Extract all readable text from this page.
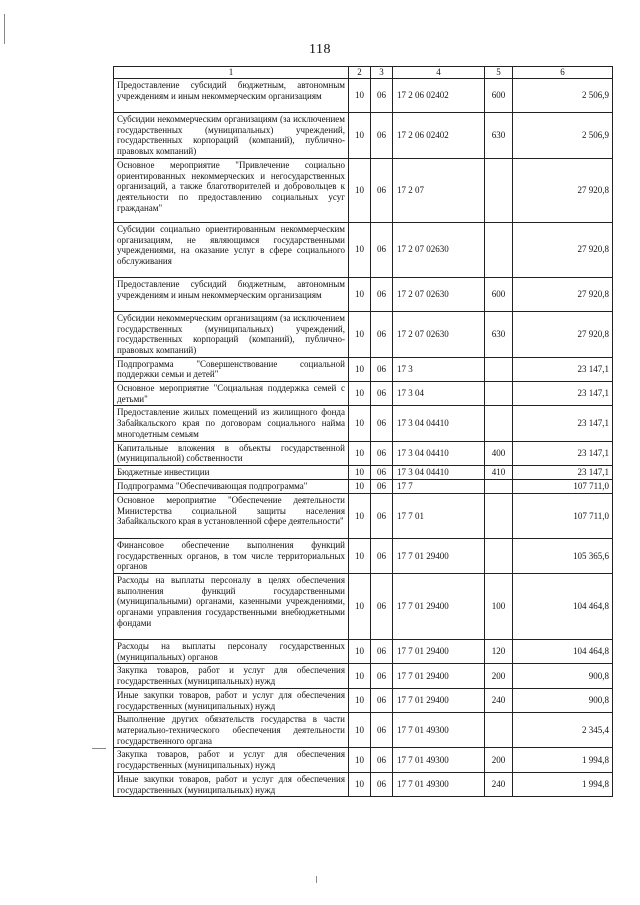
118
1	2	3	4	5	6
Предоставление субсидий бюджетным, автономным учреждениям и иным некоммерческим организациям	10	06	17 2 06 02402	600	2 506,9
Субсидии некоммерческим организациям (за исключением государственных (муниципальных) учреждений, государственных корпораций (компаний), публично-правовых компаний)	10	06	17 2 06 02402	630	2 506,9
Основное мероприятие "Привлечение социально ориентированных некоммерческих и негосударственных организаций, а также благотворителей и добровольцев к деятельности по предоставлению социальных усуг гражданам"	10	06	17 2 07		27 920,8
Субсидии социально ориентированным некоммерческим организациям, не являющимся государственными учреждениями, на оказание услуг в сфере социального обслуживания	10	06	17 2 07 02630		27 920,8
Предоставление субсидий бюджетным, автономным учреждениям и иным некоммерческим организациям	10	06	17 2 07 02630	600	27 920,8
Субсидии некоммерческим организациям (за исключением государственных (муниципальных) учреждений, государственных корпораций (компаний), публично-правовых компаний)	10	06	17 2 07 02630	630	27 920,8
Подпрограмма "Совершенствование социальной поддержки семьи и детей"	10	06	17 3		23 147,1
Основное мероприятие "Социальная поддержка семей с детьми"	10	06	17 3 04		23 147,1
Предоставление жилых помещений из жилищного фонда Забайкальского края по договорам социального найма многодетным семьям	10	06	17 3 04 04410		23 147,1
Капитальные вложения в объекты государственной (муниципальной) собственности	10	06	17 3 04 04410	400	23 147,1
Бюджетные инвестиции	10	06	17 3 04 04410	410	23 147,1
Подпрограмма "Обеспечивающая подпрограмма"	10	06	17 7		107 711,0
Основное мероприятие "Обеспечение деятельности Министерства социальной защиты населения Забайкальского края в установленной сфере деятельности"	10	06	17 7 01		107 711,0
Финансовое обеспечение выполнения функций государственных органов, в том числе территориальных органов	10	06	17 7 01 29400		105 365,6
Расходы на выплаты персоналу в целях обеспечения выполнения функций государственными (муниципальными) органами, казенными учреждениями, органами управления государственными внебюджетными фондами	10	06	17 7 01 29400	100	104 464,8
Расходы на выплаты персоналу государственных (муниципальных) органов	10	06	17 7 01 29400	120	104 464,8
Закупка товаров, работ и услуг для обеспечения государственных (муниципальных) нужд	10	06	17 7 01 29400	200	900,8
Иные закупки товаров, работ и услуг для обеспечения государственных (муниципальных) нужд	10	06	17 7 01 29400	240	900,8
Выполнение других обязательств государства в части материально-технического обеспечения деятельности государственного органа	10	06	17 7 01 49300		2 345,4
Закупка товаров, работ и услуг для обеспечения государственных (муниципальных) нужд	10	06	17 7 01 49300	200	1 994,8
Иные закупки товаров, работ и услуг для обеспечения государственных (муниципальных) нужд	10	06	17 7 01 49300	240	1 994,8
